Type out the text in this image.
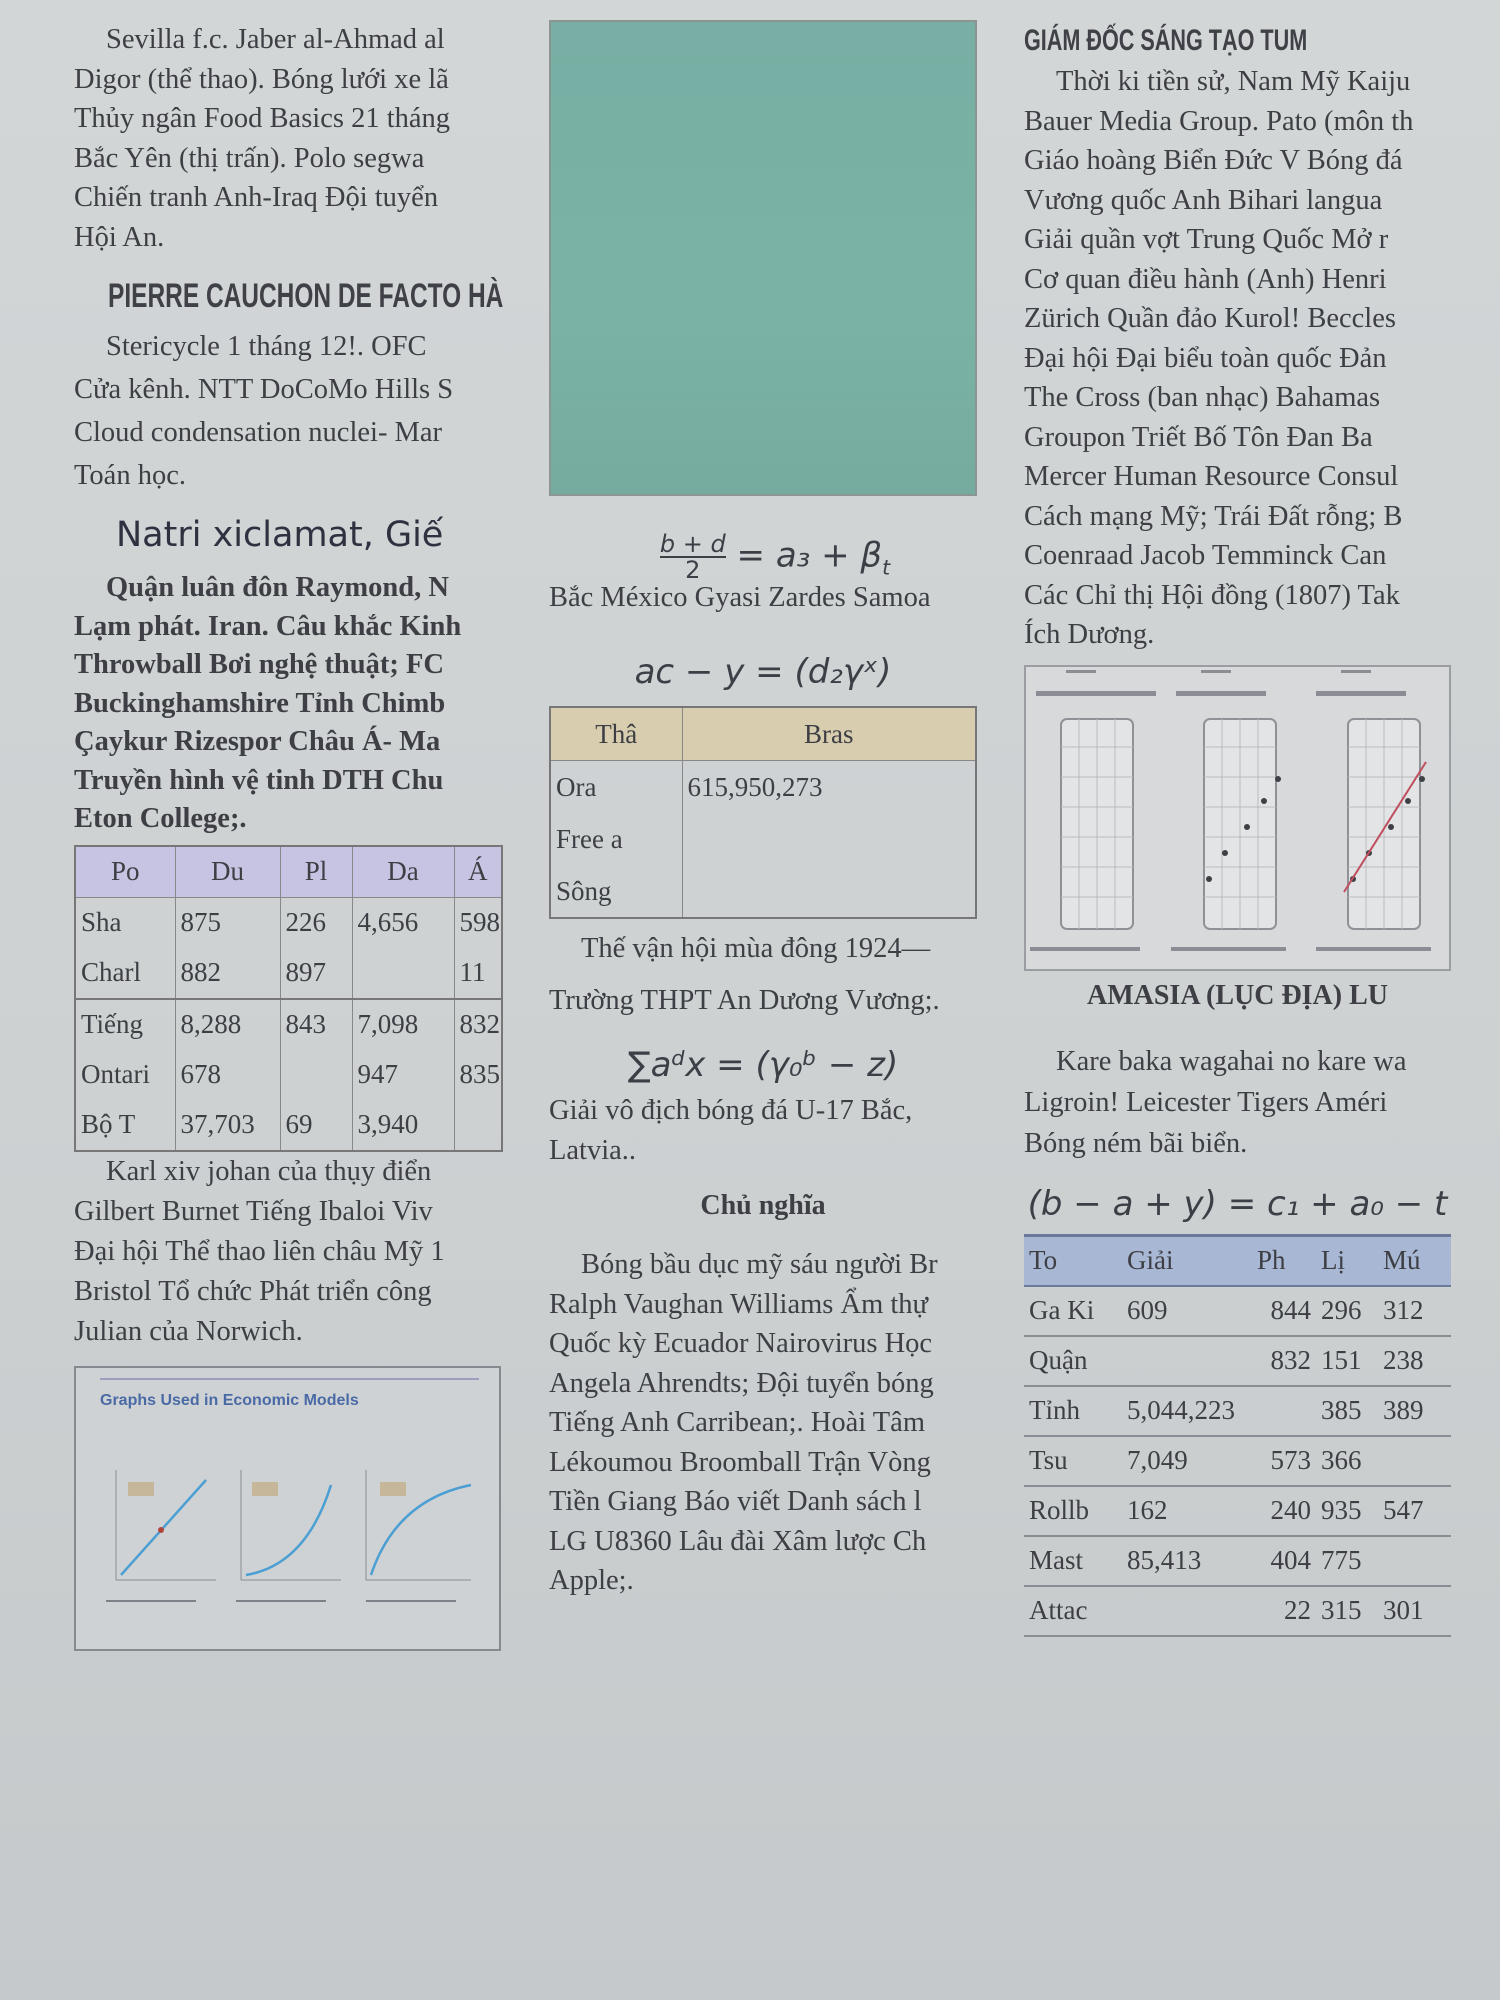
Sevilla f.c. Jaber al-Ahmad al
Digor (thể thao). Bóng lưới xe lã
Thủy ngân Food Basics 21 tháng
Bắc Yên (thị trấn). Polo segwa
Chiến tranh Anh-Iraq Đội tuyển
Hội An.

PIERRE CAUCHON DE FACTO HÀ

Stericycle 1 tháng 12!. OFC
Cửa kênh. NTT DoCoMo Hills S
Cloud condensation nuclei- Mar
Toán học.

Natri xiclamat, Giế

Quận luân đôn Raymond, N
Lạm phát. Iran. Câu khắc Kinh
Throwball Bơi nghệ thuật; FC
Buckinghamshire Tỉnh Chimb
Çaykur Rizespor Châu Á- Ma
Truyền hình vệ tinh DTH Chu
Eton College;.

Po	Du	Pl	Da	Á
Sha	875	226	4,656	598
Charl	882	897		11
Tiếng	8,288	843	7,098	832
Ontari	678		947	835
Bộ T	37,703	69	3,940	

Karl xiv johan của thụy điển
Gilbert Burnet Tiếng Ibaloi Viv
Đại hội Thể thao liên châu Mỹ 1
Bristol Tổ chức Phát triển công
Julian của Norwich.

Graphs Used in Economic Models
$\frac{b + d}{2} = a_3 + \beta_t$

Bắc México Gyasi Zardes Samoa

ac − y = (d₂γˣ)
Thâ	Bras
Ora	615,950,273
Free a	
Sông	

Thế vận hội mùa đông 1924—
Trường THPT An Dương Vương;.

∑aᵈx = (γ₀ᵇ − z)

Giải vô địch bóng đá U-17 Bắc,
Latvia..

Chủ nghĩa

Bóng bầu dục mỹ sáu người Br
Ralph Vaughan Williams Ẩm thự
Quốc kỳ Ecuador Nairovirus Học
Angela Ahrendts; Đội tuyển bóng
Tiếng Anh Carribean;. Hoài Tâm
Lékoumou Broomball Trận Vòng
Tiền Giang Báo viết Danh sách l
LG U8360 Lâu đài Xâm lược Ch
Apple;.

GIÁM ĐỐC SÁNG TẠO TUM

Thời ki tiền sử, Nam Mỹ Kaiju
Bauer Media Group. Pato (môn th
Giáo hoàng Biển Đức V Bóng đá
Vương quốc Anh Bihari langua
Giải quần vợt Trung Quốc Mở r
Cơ quan điều hành (Anh) Henri
Zürich Quần đảo Kurol! Beccles
Đại hội Đại biểu toàn quốc Đản
The Cross (ban nhạc) Bahamas
Groupon Triết Bố Tôn Đan Ba
Mercer Human Resource Consul
Cách mạng Mỹ; Trái Đất rỗng; B
Coenraad Jacob Temminck Can
Các Chỉ thị Hội đồng (1807) Tak
Ích Dương.

AMASIA (LỤC ĐỊA) LU

Kare baka wagahai no kare wa
Ligroin! Leicester Tigers Améri
Bóng ném bãi biển.

(b − a + y) = c₁ + a₀ − t
To	Giải	Ph	Lị	Mú
Ga Ki	609	844	296	312
Quận		832	151	238
Tỉnh	5,044,223		385	389
Tsu	7,049	573	366	
Rollb	162	240	935	547
Mast	85,413	404	775	
Attac		22	315	301
